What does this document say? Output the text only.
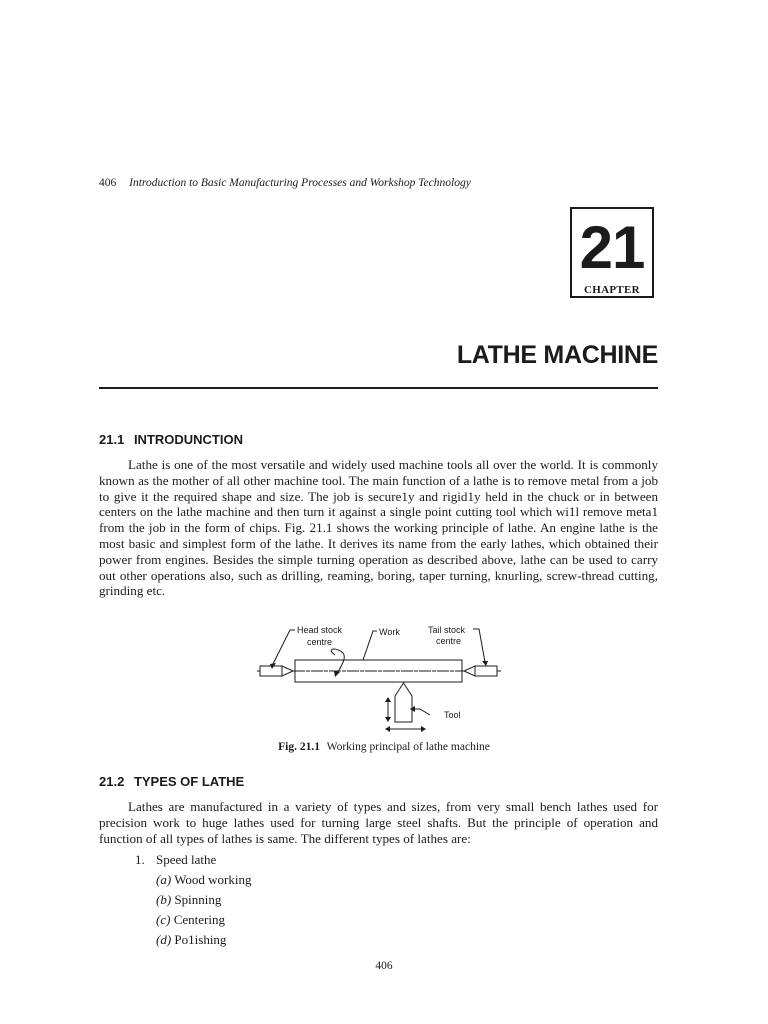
406 Introduction to Basic Manufacturing Processes and Workshop Technology
21
CHAPTER
LATHE MACHINE
21.1 INTRODUNCTION

Lathe is one of the most versatile and widely used machine tools all over the world. It is commonly known as the mother of all other machine tool. The main function of a lathe is to remove metal from a job to give it the required shape and size. The job is secure1y and rigid1y held in the chuck or in between centers on the lathe machine and then turn it against a single point cutting tool which wi1l remove meta1 from the job in the form of chips. Fig. 21.1 shows the working principle of lathe. An engine lathe is the most basic and simplest form of the lathe. It derives its name from the early lathes, which obtained their power from engines. Besides the simple turning operation as described above, lathe can be used to carry out other operations also, such as drilling, reaming, boring, taper turning, knurling, screw-thread cutting, grinding etc.

Head stock
centre
Work	Tail stock
centre
Tool
Fig. 21.1 Working principal of lathe machine
21.2 TYPES OF LATHE

Lathes are manufactured in a variety of types and sizes, from very small bench lathes used for precision work to huge lathes used for turning large steel shafts. But the principle of operation and function of all types of lathes is same. The different types of lathes are:

1. Speed lathe
(a) Wood working
(b) Spinning
(c) Centering
(d) Po1ishing
406
